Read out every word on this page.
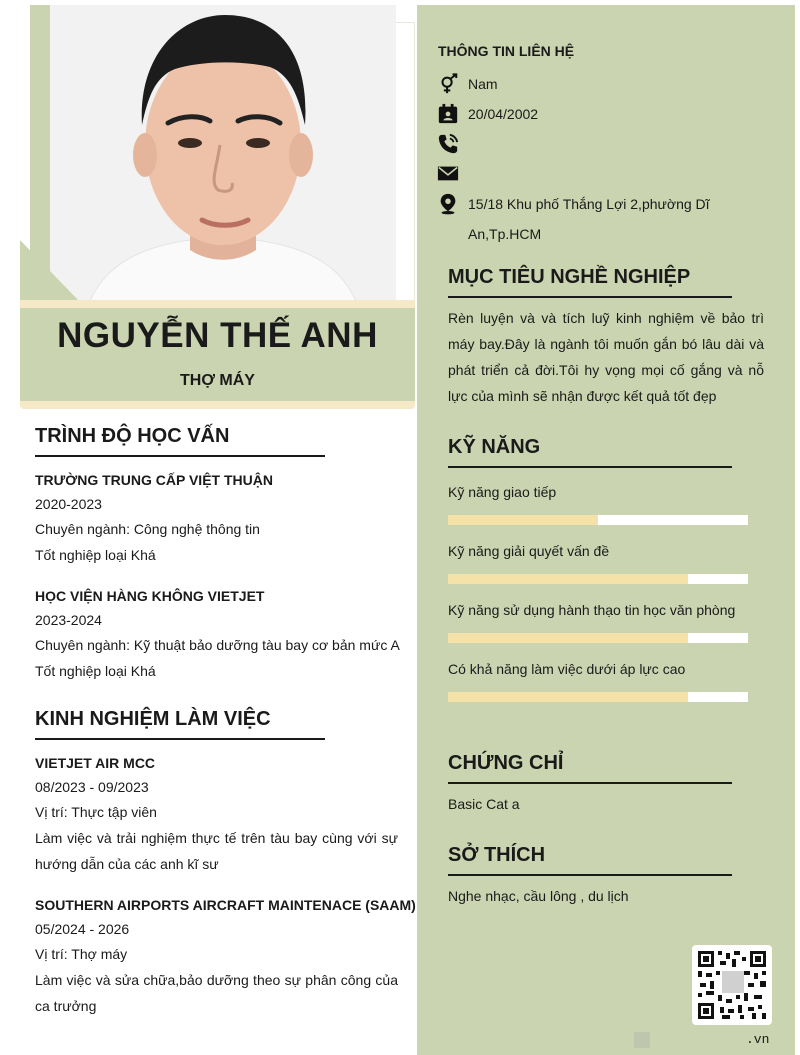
NGUYỄN THẾ ANH
THỢ MÁY
TRÌNH ĐỘ HỌC VẤN
TRƯỜNG TRUNG CẤP VIỆT THUẬN
2020-2023
Chuyên ngành: Công nghệ thông tin
Tốt nghiệp loại Khá
HỌC VIỆN HÀNG KHÔNG VIETJET
2023-2024
Chuyên ngành: Kỹ thuật bảo dưỡng tàu bay cơ bản mức A
Tốt nghiệp loại Khá
KINH NGHIỆM LÀM VIỆC
VIETJET AIR MCC
08/2023 - 09/2023
Vị trí: Thực tập viên
Làm việc và trải nghiệm thực tế trên tàu bay cùng với sự hướng dẫn của các anh kĩ sư
SOUTHERN AIRPORTS AIRCRAFT MAINTENACE (SAAM)
05/2024 - 2026
Vị trí: Thợ máy
Làm việc và sửa chữa,bảo dưỡng theo sự phân công của ca trưởng
THÔNG TIN LIÊN HỆ
Nam
20/04/2002
15/18 Khu phố Thắng Lợi 2,phường Dĩ An,Tp.HCM
MỤC TIÊU NGHỀ NGHIỆP
Rèn luyện và và tích luỹ kinh nghiệm về bảo trì máy bay.Đây là ngành tôi muốn gắn bó lâu dài và phát triển cả đời.Tôi hy vọng mọi cố gắng và nỗ lực của mình sẽ nhận được kết quả tốt đẹp
KỸ NĂNG
Kỹ năng giao tiếp
Kỹ năng giải quyết vấn đề
Kỹ năng sử dụng hành thạo tin học văn phòng
Có khả năng làm việc dưới áp lực cao
CHỨNG CHỈ
Basic Cat a
SỞ THÍCH
Nghe nhạc, cầu lông , du lịch
.vn
